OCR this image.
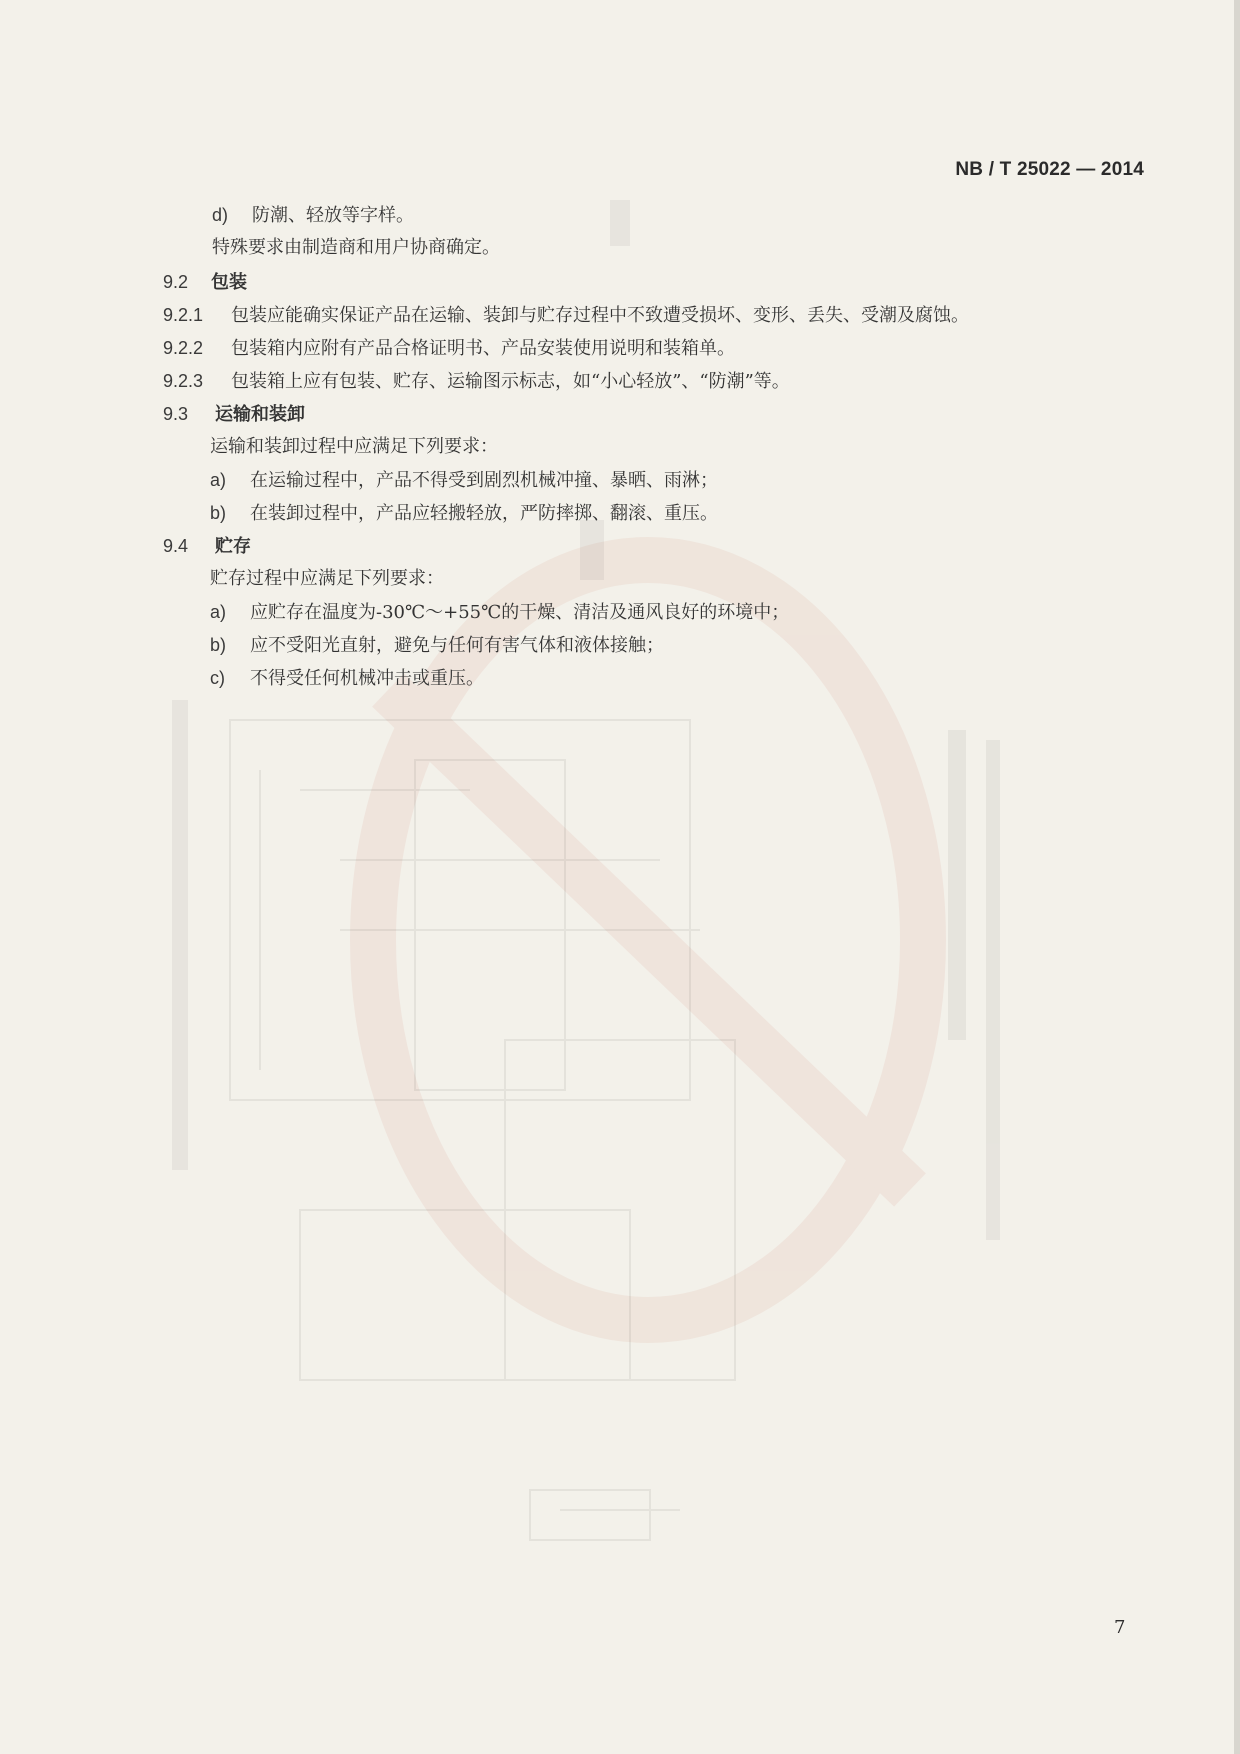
NB / T 25022 — 2014
d) 防潮、轻放等字样。
特殊要求由制造商和用户协商确定。
9.2 包装
9.2.1 包装应能确实保证产品在运输、装卸与贮存过程中不致遭受损坏、变形、丢失、受潮及腐蚀。
9.2.2 包装箱内应附有产品合格证明书、产品安装使用说明和装箱单。
9.2.3 包装箱上应有包装、贮存、运输图示标志，如“小心轻放”、“防潮”等。
9.3 运输和装卸
运输和装卸过程中应满足下列要求：
a) 在运输过程中，产品不得受到剧烈机械冲撞、暴晒、雨淋；
b) 在装卸过程中，产品应轻搬轻放，严防摔掷、翻滚、重压。
9.4 贮存
贮存过程中应满足下列要求：
a) 应贮存在温度为-30℃～+55℃的干燥、清洁及通风良好的环境中；
b) 应不受阳光直射，避免与任何有害气体和液体接触；
c) 不得受任何机械冲击或重压。
7
